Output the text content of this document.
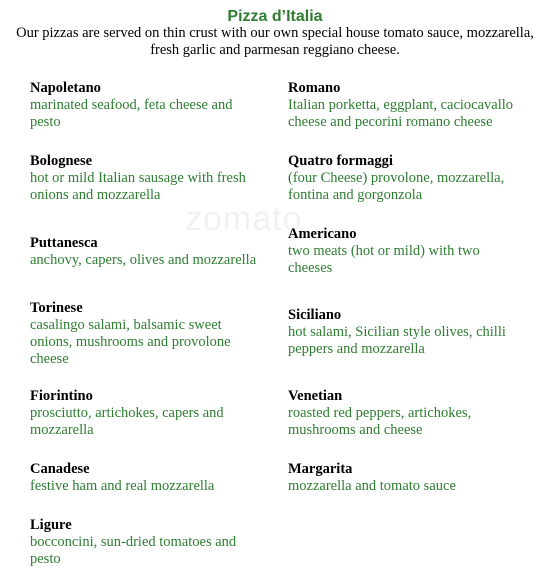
Pizza d’Italia
Our pizzas are served on thin crust with our own special house tomato sauce, mozzarella,
fresh garlic and parmesan reggiano cheese.
zomato
Napoletano
marinated seafood, feta cheese and pesto
Bolognese
hot or mild Italian sausage with fresh onions and mozzarella
Puttanesca
anchovy, capers, olives and mozzarella
Torinese
casalingo salami, balsamic sweet onions, mushrooms and provolone cheese
Fiorintino
prosciutto, artichokes, capers and mozzarella
Canadese
festive ham and real mozzarella
Ligure
bocconcini, sun-dried tomatoes and pesto
Romano
Italian porketta, eggplant, caciocavallo cheese and pecorini romano cheese
Quatro formaggi
(four Cheese) provolone, mozzarella, fontina and gorgonzola
Americano
two meats (hot or mild) with two cheeses
Siciliano
hot salami, Sicilian style olives, chilli peppers and mozzarella
Venetian
roasted red peppers, artichokes, mushrooms and cheese
Margarita
mozzarella and tomato sauce
